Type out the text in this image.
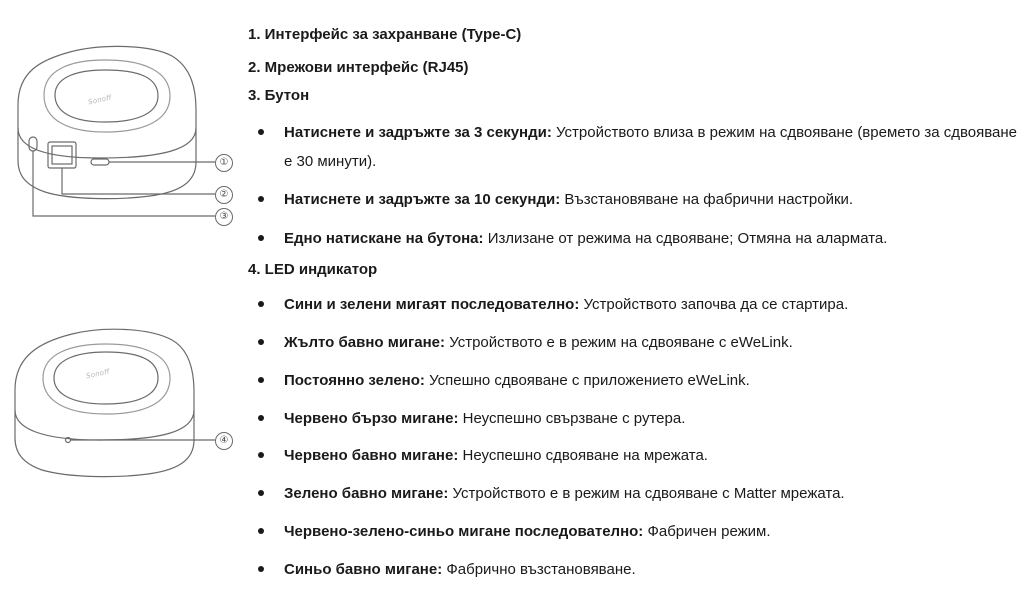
Sonoff
Sonoff
①
②
③
④
1. Интерфейс за захранване (Type-C)
2. Мрежови интерфейс (RJ45)
3. Бутон
Натиснете и задръжте за 3 секунди: Устройството влиза в режим на сдвояване (времето за сдвояване е 30 минути).
Натиснете и задръжте за 10 секунди: Възстановяване на фабрични настройки.
Едно натискане на бутона: Излизане от режима на сдвояване; Отмяна на алармата.
4. LED индикатор
Сини и зелени мигаят последователно: Устройството започва да се стартира.
Жълто бавно мигане: Устройството е в режим на сдвояване с eWeLink.
Постоянно зелено: Успешно сдвояване с приложението eWeLink.
Червено бързо мигане: Неуспешно свързване с рутера.
Червено бавно мигане: Неуспешно сдвояване на мрежата.
Зелено бавно мигане: Устройството е в режим на сдвояване с Matter мрежата.
Червено-зелено-синьо мигане последователно: Фабричен режим.
Синьо бавно мигане: Фабрично възстановяване.
